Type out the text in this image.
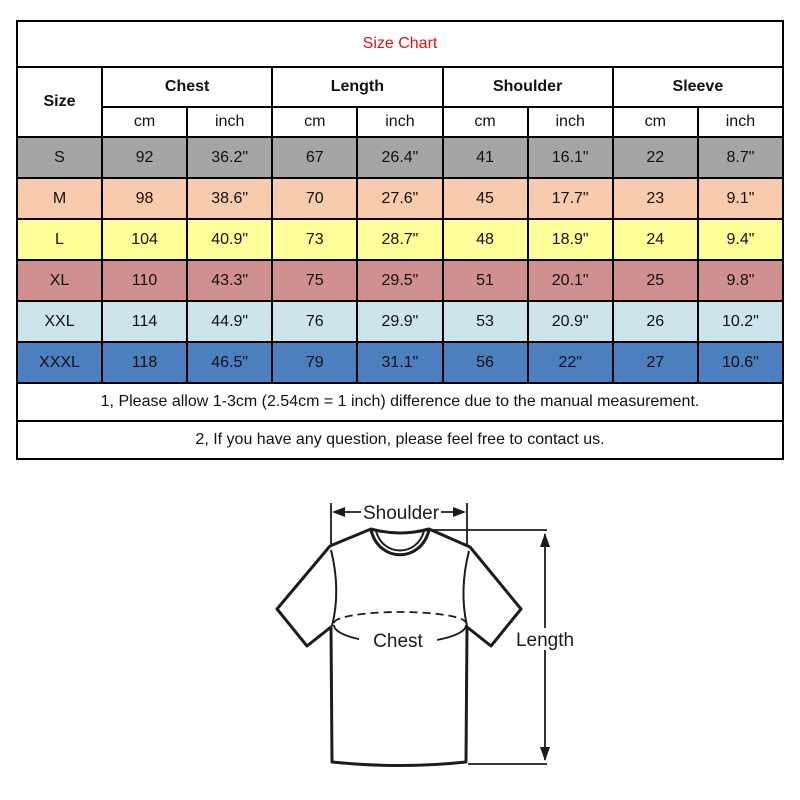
Size Chart								
Size	Chest		Length		Shoulder		Sleeve	
	cm	inch	cm	inch	cm	inch	cm	inch
S	92	36.2"	67	26.4"	41	16.1"	22	8.7"
M	98	38.6"	70	27.6"	45	17.7"	23	9.1"
L	104	40.9"	73	28.7"	48	18.9"	24	9.4"
XL	110	43.3"	75	29.5"	51	20.1"	25	9.8"
XXL	114	44.9"	76	29.9"	53	20.9"	26	10.2"
XXXL	118	46.5"	79	31.1"	56	22"	27	10.6"
1, Please allow 1-3cm (2.54cm = 1 inch) difference due to the manual measurement.								
2, If you have any question, please feel free to contact us.								
Shoulder
Length
Chest
